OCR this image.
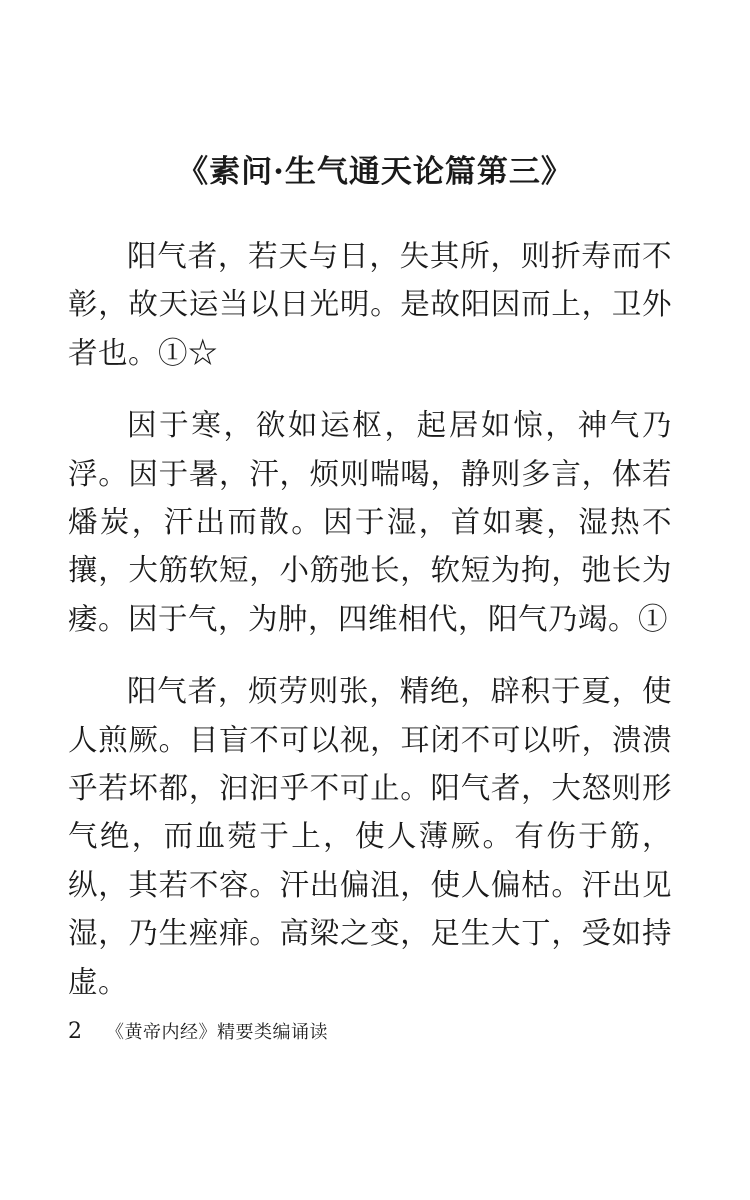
《素问·生气通天论篇第三》

阳气者，若天与日，失其所，则折寿而不彰，故天运当以日光明。是故阳因而上，卫外者也。①☆

因于寒，欲如运枢，起居如惊，神气乃浮。因于暑，汗，烦则喘喝，静则多言，体若燔炭，汗出而散。因于湿，首如裹，湿热不攘，大筋软短，小筋弛长，软短为拘，弛长为痿。因于气，为肿，四维相代，阳气乃竭。①

阳气者，烦劳则张，精绝，辟积于夏，使人煎厥。目盲不可以视，耳闭不可以听，溃溃乎若坏都，汩汩乎不可止。阳气者，大怒则形气绝，而血菀于上，使人薄厥。有伤于筋，纵，其若不容。汗出偏沮，使人偏枯。汗出见湿，乃生痤痱。高梁之变，足生大丁，受如持虚。

2 《黄帝内经》精要类编诵读
